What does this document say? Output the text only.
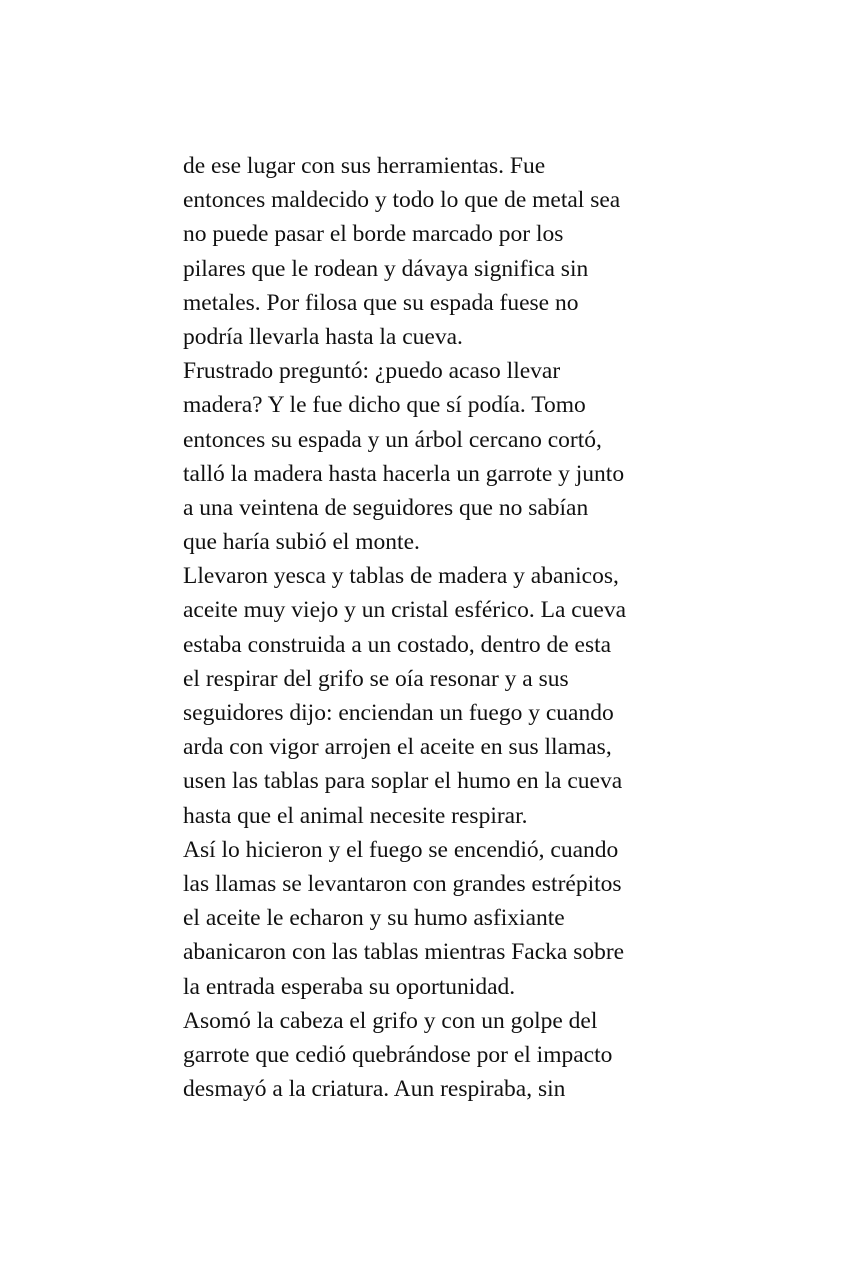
de ese lugar con sus herramientas. Fue
entonces maldecido y todo lo que de metal sea
no puede pasar el borde marcado por los
pilares que le rodean y dávaya significa sin
metales. Por filosa que su espada fuese no
podría llevarla hasta la cueva.
Frustrado preguntó: ¿puedo acaso llevar
madera? Y le fue dicho que sí podía. Tomo
entonces su espada y un árbol cercano cortó,
talló la madera hasta hacerla un garrote y junto
a una veintena de seguidores que no sabían
que haría subió el monte.
Llevaron yesca y tablas de madera y abanicos,
aceite muy viejo y un cristal esférico. La cueva
estaba construida a un costado, dentro de esta
el respirar del grifo se oía resonar y a sus
seguidores dijo: enciendan un fuego y cuando
arda con vigor arrojen el aceite en sus llamas,
usen las tablas para soplar el humo en la cueva
hasta que el animal necesite respirar.
Así lo hicieron y el fuego se encendió, cuando
las llamas se levantaron con grandes estrépitos
el aceite le echaron y su humo asfixiante
abanicaron con las tablas mientras Facka sobre
la entrada esperaba su oportunidad.
Asomó la cabeza el grifo y con un golpe del
garrote que cedió quebrándose por el impacto
desmayó a la criatura. Aun respiraba, sin
